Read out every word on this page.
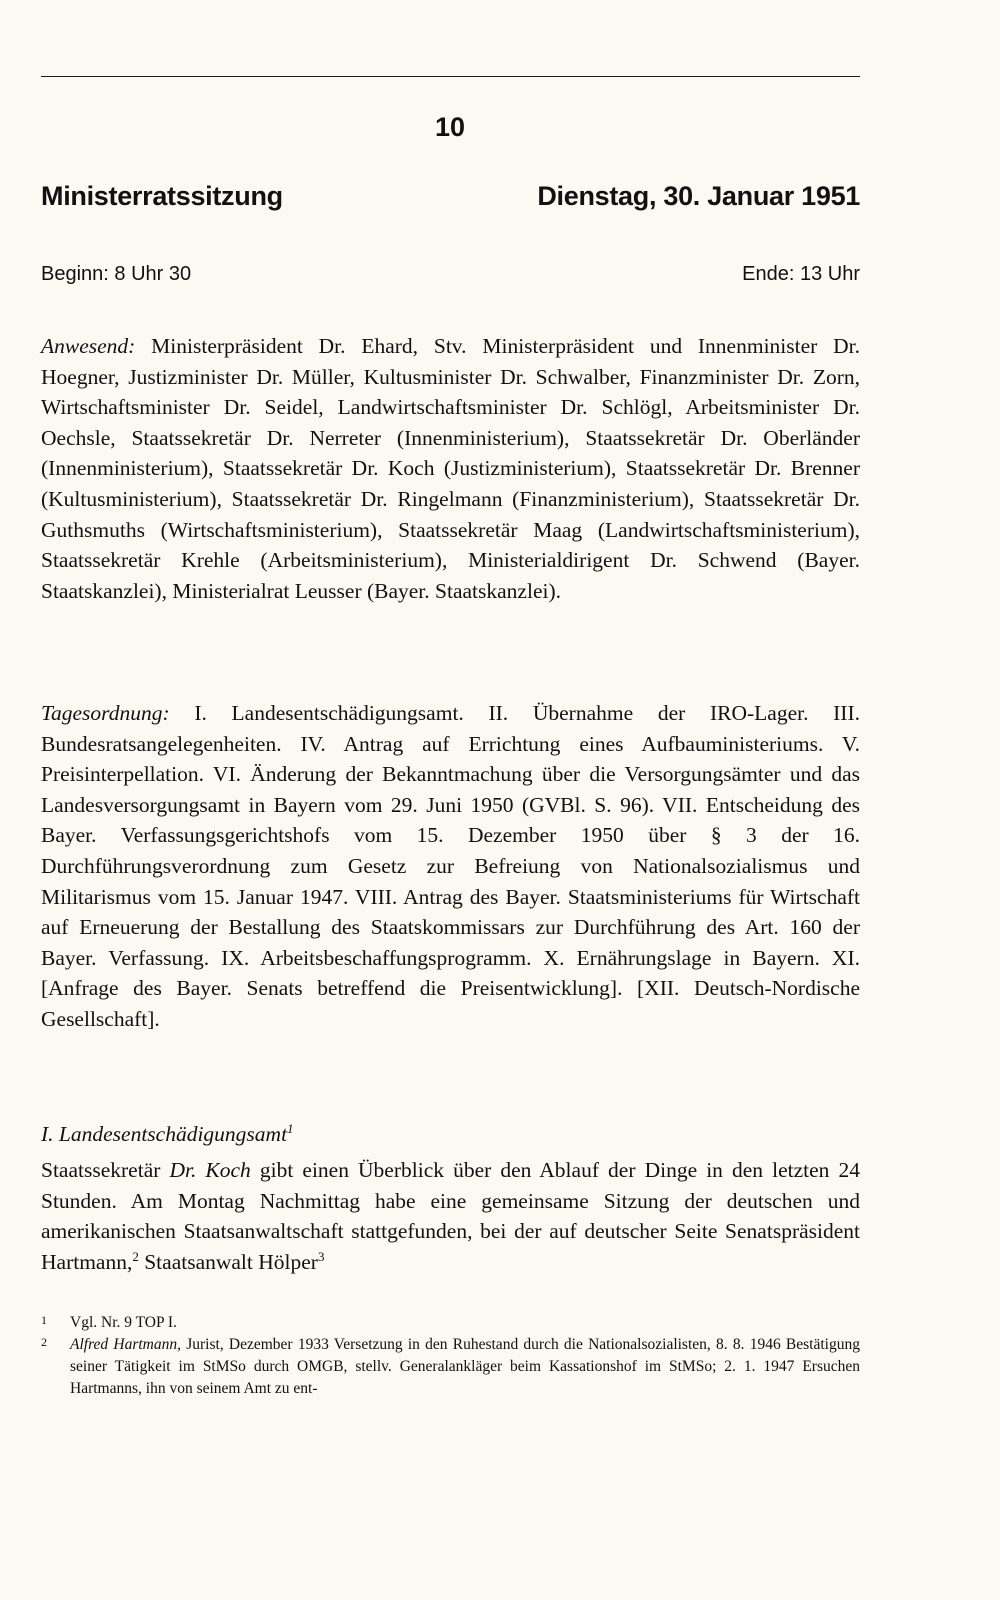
10
Ministerratssitzung	Dienstag, 30. Januar 1951
Beginn: 8 Uhr 30	Ende: 13 Uhr

Anwesend: Ministerpräsident Dr. Ehard, Stv. Ministerpräsident und Innenminister Dr. Hoegner, Justizminister Dr. Müller, Kultusminister Dr. Schwalber, Finanzminister Dr. Zorn, Wirtschaftsminister Dr. Seidel, Landwirtschaftsminister Dr. Schlögl, Arbeitsminister Dr. Oechsle, Staatssekretär Dr. Nerreter (Innenministerium), Staatssekretär Dr. Oberländer (Innenministerium), Staatssekretär Dr. Koch (Justizministerium), Staatssekretär Dr. Brenner (Kultusministerium), Staatssekretär Dr. Ringelmann (Finanzministerium), Staatssekretär Dr. Guthsmuths (Wirtschaftsministerium), Staatssekretär Maag (Landwirtschaftsministerium), Staatssekretär Krehle (Arbeitsministerium), Ministerialdirigent Dr. Schwend (Bayer. Staatskanzlei), Ministerialrat Leusser (Bayer. Staatskanzlei).

Tagesordnung: I. Landesentschädigungsamt. II. Übernahme der IRO-Lager. III. Bundesratsangelegenheiten. IV. Antrag auf Errichtung eines Aufbauministeriums. V. Preisinterpellation. VI. Änderung der Bekanntmachung über die Versorgungsämter und das Landesversorgungsamt in Bayern vom 29. Juni 1950 (GVBl. S. 96). VII. Entscheidung des Bayer. Verfassungsgerichtshofs vom 15. Dezember 1950 über § 3 der 16. Durchführungsverordnung zum Gesetz zur Befreiung von Nationalsozialismus und Militarismus vom 15. Januar 1947. VIII. Antrag des Bayer. Staatsministeriums für Wirtschaft auf Erneuerung der Bestallung des Staatskommissars zur Durchführung des Art. 160 der Bayer. Verfassung. IX. Arbeitsbeschaffungsprogramm. X. Ernährungslage in Bayern. XI. [Anfrage des Bayer. Senats betreffend die Preisentwicklung]. [XII. Deutsch-Nordische Gesellschaft].

I. Landesentschädigungsamt$^1$

Staatssekretär Dr. Koch gibt einen Überblick über den Ablauf der Dinge in den letzten 24 Stunden. Am Montag Nachmittag habe eine gemeinsame Sitzung der deutschen und amerikanischen Staatsanwaltschaft stattgefunden, bei der auf deutscher Seite Senatspräsident Hartmann,$^2$ Staatsanwalt Hölper$^3$

1	Vgl. Nr. 9 TOP I.
2	Alfred Hartmann, Jurist, Dezember 1933 Versetzung in den Ruhestand durch die Nationalsozialisten, 8. 8. 1946 Bestätigung seiner Tätigkeit im StMSo durch OMGB, stellv. Generalankläger beim Kassationshof im StMSo; 2. 1. 1947 Ersuchen Hartmanns, ihn von seinem Amt zu ent-
